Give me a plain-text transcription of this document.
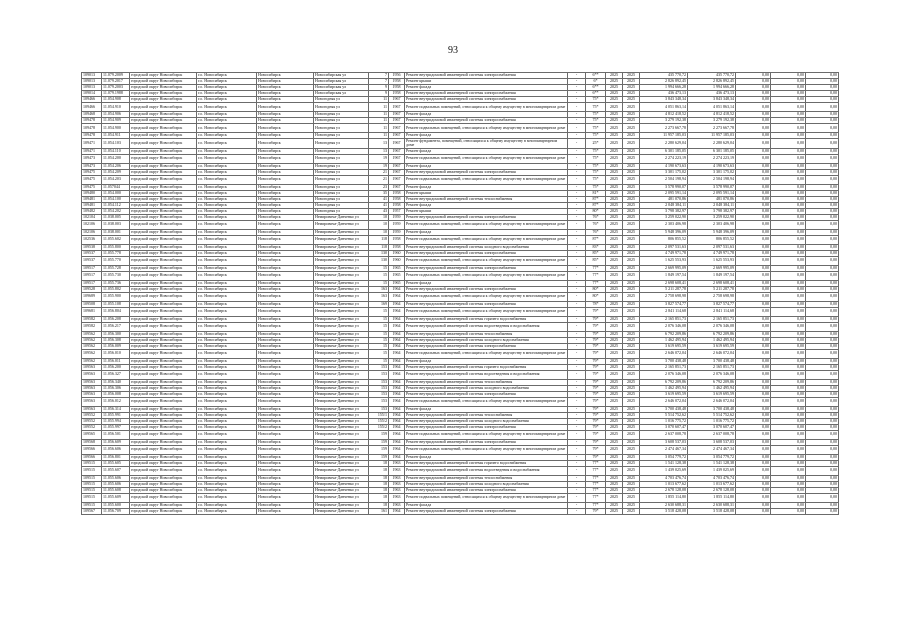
93
109013	11.079.2009	городской округ Новосибирск	г.о. Новосибирск	Новосибирск	Новосибирская ул	7	1956	Ремонт внутридомовой инженерной системы электроснабжения	-	6**	2025	2025	435 770,72	435 770,72	0,00	0,00	0,00
109013	11.079.2017	городской округ Новосибирск	г.о. Новосибирск	Новосибирск	Новосибирская ул	7	1958	Ремонт крыши	-	6*	2025	2025	2 826 892,45	2 826 892,45	0,00	0,00	0,00
109013	11.079.2003	городской округ Новосибирск	г.о. Новосибирск	Новосибирск	Новосибирская ул	9	1958	Ремонт фасада	-	6**	2025	2025	1 994 666,28	1 994 666,28	0,00	0,00	0,00
109014	11.079.1988	городской округ Новосибирск	г.о. Новосибирск	Новосибирск	Новосибирская ул	9	1958	Ремонт внутридомовой инженерной системы электроснабжения	-	6**	2025	2025	436 473,13	436 473,13	0,00	0,00	0,00
109466	11.054.908	городской округ Новосибирск	г.о. Новосибирск	Новосибирск	Новогодняя ул	11	1967	Ремонт внутридомовой инженерной системы электроснабжения	-	75*	2025	2025	3 843 348,34	3 843 348,34	0,00	0,00	0,00
109466	11.054.910	городской округ Новосибирск	г.о. Новосибирск	Новосибирск	Новогодняя ул	11	1967	Ремонт подвальных помещений, относящихся к общему имуществу в многоквартирном доме	-	75*	2025	2025	4 051 863,14	4 051 863,14	0,00	0,00	0,00
109468	11.054.906	городской округ Новосибирск	г.о. Новосибирск	Новосибирск	Новогодняя ул	11	1967	Ремонт фасада	-	75*	2025	2025	4 812 418,52	4 812 418,52	0,00	0,00	0,00
109478	11.054.909	городской округ Новосибирск	г.о. Новосибирск	Новосибирск	Новогодняя ул	11	1967	Ремонт внутридомовой инженерной системы электроснабжения	-	75*	2025	2025	3 279 192,38	3 279 192,38	0,00	0,00	0,00
109478	11.054.900	городской округ Новосибирск	г.о. Новосибирск	Новосибирск	Новогодняя ул	11	1967	Ремонт подвальных помещений, относящихся к общему имуществу в многоквартирном доме	-	75*	2025	2025	2 273 667,78	2 273 667,78	0,00	0,00	0,00
109478	11.054.911	городской округ Новосибирск	г.о. Новосибирск	Новосибирск	Новогодняя ул	11	1967	Ремонт фасада	-	75*	2025	2025	11 957 185,03	11 957 185,03	0,00	0,00	0,00
109471	11.054.103	городской округ Новосибирск	г.о. Новосибирск	Новосибирск	Новогодняя ул	13	1967	Ремонт фундамента, помещений, относящихся к общему имуществу в многоквартирном доме	-	25*	2025	2025	2 280 629,04	2 280 629,04	0,00	0,00	0,00
109471	11.054.110	городской округ Новосибирск	г.о. Новосибирск	Новосибирск	Новогодняя ул	13	1967	Ремонт фасада	-	75*	2025	2025	6 301 185,05	6 301 185,05	0,00	0,00	0,00
109473	11.054.200	городской округ Новосибирск	г.о. Новосибирск	Новосибирск	Новогодняя ул	19	1967	Ремонт подвальных помещений, относящихся к общему имуществу в многоквартирном доме	-	75*	2025	2025	2 274 223,19	2 274 223,19	0,00	0,00	0,00
109473	11.054.206	городской округ Новосибирск	г.о. Новосибирск	Новосибирск	Новогодняя ул	19	1967	Ремонт фасада	-	75*	2025	2025	4 190 673,63	4 190 673,63	0,00	0,00	0,00
109475	11.054.209	городской округ Новосибирск	г.о. Новосибирск	Новосибирск	Новогодняя ул	21	1967	Ремонт внутридомовой инженерной системы электроснабжения	-	75*	2025	2025	3 301 175,02	3 301 175,02	0,00	0,00	0,00
109475	11.054.203	городской округ Новосибирск	г.о. Новосибирск	Новосибирск	Новогодняя ул	21	1967	Ремонт подвальных помещений, относящихся к общему имуществу в многоквартирном доме	-	75*	2025	2025	2 504 198,94	2 504 198,94	0,00	0,00	0,00
109475	11.057044	городской округ Новосибирск	г.о. Новосибирск	Новосибирск	Новогодняя ул	23	1967	Ремонт фасада	-	75*	2025	2025	3 578 990,07	3 578 990,07	0,00	0,00	0,00
109480	11.054.000	городской округ Новосибирск	г.о. Новосибирск	Новосибирск	Новогодняя ул	35	1958	Ремонт крыши	-	81*	2025	2025	2 095 591,14	2 095 591,14	0,00	0,00	0,00
109481	11.054.100	городской округ Новосибирск	г.о. Новосибирск	Новосибирск	Новогодняя ул	41	1958	Ремонт внутридомовой инженерной системы теплоснабжения	-	87*	2025	2025	481 070,86	481 070,86	0,00	0,00	0,00
109481	11.054.112	городской округ Новосибирск	г.о. Новосибирск	Новосибирск	Новогодняя ул	41	1958	Ремонт фасада	-	87*	2025	2025	2 048 384,11	2 048 384,11	0,00	0,00	0,00
109482	11.054.202	городской округ Новосибирск	г.о. Новосибирск	Новосибирск	Новогодняя ул	43	1957	Ремонт крыши	-	80*	2025	2025	3 798 382,97	3 798 382,97	0,00	0,00	0,00
102104	11.038.005	городской округ Новосибирск	г.о. Новосибирск	Новосибирск	Немировича-Данченко ул	10	1959	Ремонт внутридомовой инженерной системы электроснабжения	-	76*	2025	2025	3 259 022,90	3 259 022,90	0,00	0,00	0,00
102106	11.038.003	городской округ Новосибирск	г.о. Новосибирск	Новосибирск	Немировича-Данченко ул	10	1959	Ремонт подвальных помещений, относящихся к общему имуществу в многоквартирном доме	-	76*	2025	2025	2 303 406,98	2 303 406,98	0,00	0,00	0,00
102106	11.038.001	городской округ Новосибирск	г.о. Новосибирск	Новосибирск	Немировича-Данченко ул	10	1959	Ремонт фасада	-	76*	2025	2025	5 948 396,09	5 948 396,09	0,00	0,00	0,00
102536	11.055.602	городской округ Новосибирск	г.о. Новосибирск	Новосибирск	Немировича-Данченко ул	118	1958	Ремонт подвальных помещений, относящихся к общему имуществу в многоквартирном доме	-	87*	2025	2025	806 855,52	806 855,52	0,00	0,00	0,00
109538	11.055.800	городской округ Новосибирск	г.о. Новосибирск	Новосибирск	Немировича-Данченко ул	118	1958	Ремонт внутридомовой инженерной системы холодного водоснабжения	-	83*	2025	2025	2 097 531,63	2 097 531,63	0,00	0,00	0,00
109537	11.055.778	городской округ Новосибирск	г.о. Новосибирск	Новосибирск	Немировича-Данченко ул	130	1960	Ремонт внутридомовой инженерной системы электроснабжения	-	85*	2025	2025	4 749 971,78	4 749 971,78	0,00	0,00	0,00
109537	11.055.770	городской округ Новосибирск	г.о. Новосибирск	Новосибирск	Немировича-Данченко ул	130	1960	Ремонт подвальных помещений, относящихся к общему имуществу в многоквартирном доме	-	85*	2025	2025	1 625 553,93	1 625 553,93	0,00	0,00	0,00
109517	11.055.728	городской округ Новосибирск	г.о. Новосибирск	Новосибирск	Немировича-Данченко ул	15	1965	Ремонт внутридомовой инженерной системы электроснабжения	-	77*	2025	2025	2 669 995,09	2 669 995,09	0,00	0,00	0,00
109517	11.055.730	городской округ Новосибирск	г.о. Новосибирск	Новосибирск	Немировича-Данченко ул	15	1965	Ремонт подвальных помещений, относящихся к общему имуществу в многоквартирном доме	-	77*	2025	2025	1 849 197,54	1 849 197,54	0,00	0,00	0,00
109517	11.055.736	городской округ Новосибирск	г.о. Новосибирск	Новосибирск	Немировича-Данченко ул	15	1965	Ремонт фасада	-	77*	2025	2025	2 698 608,41	2 698 608,41	0,00	0,00	0,00
109528	11.055.802	городской округ Новосибирск	г.о. Новосибирск	Новосибирск	Немировича-Данченко ул	163	1964	Ремонт внутридомовой инженерной системы электроснабжения	-	80*	2025	2025	5 211 287,78	5 211 287,78	0,00	0,00	0,00
109689	11.055.900	городской округ Новосибирск	г.о. Новосибирск	Новосибирск	Немировича-Данченко ул	163	1964	Ремонт подвальных помещений, относящихся к общему имуществу в многоквартирном доме	-	80*	2025	2025	2 758 698,98	2 758 698,98	0,00	0,00	0,00
109508	11.055.108	городской округ Новосибирск	г.о. Новосибирск	Новосибирск	Немировича-Данченко ул	169	1964	Ремонт внутридомовой инженерной системы электроснабжения	-	78*	2025	2025	3 827 574,77	3 827 574,77	0,00	0,00	0,00
109681	11.056.804	городской округ Новосибирск	г.о. Новосибирск	Новосибирск	Немировича-Данченко ул	15	1964	Ремонт подвальных помещений, относящихся к общему имуществу в многоквартирном доме	-	79*	2025	2025	2 841 114,68	2 841 114,68	0,00	0,00	0,00
109582	11.056.208	городской округ Новосибирск	г.о. Новосибирск	Новосибирск	Немировича-Данченко ул	15	1964	Ремонт внутридомовой инженерной системы горячего водоснабжения	-	79*	2025	2025	2 165 851,73	2 165 851,73	0,00	0,00	0,00
109582	11.056.217	городской округ Новосибирск	г.о. Новосибирск	Новосибирск	Немировича-Данченко ул	15	1964	Ремонт внутридомовой инженерной системы водоотведения и водоснабжения	-	79*	2025	2025	2 076 346,08	2 076 346,08	0,00	0,00	0,00
109562	11.056.300	городской округ Новосибирск	г.о. Новосибирск	Новосибирск	Немировича-Данченко ул	15	1964	Ремонт внутридомовой инженерной системы теплоснабжения	-	79*	2025	2025	6 792 209,86	6 792 209,86	0,00	0,00	0,00
109562	11.056.308	городской округ Новосибирск	г.о. Новосибирск	Новосибирск	Немировича-Данченко ул	15	1964	Ремонт внутридомовой инженерной системы холодного водоснабжения	-	79*	2025	2025	1 462 495,94	1 462 495,94	0,00	0,00	0,00
109562	11.056.009	городской округ Новосибирск	г.о. Новосибирск	Новосибирск	Немировича-Данченко ул	15	1964	Ремонт внутридомовой инженерной системы электроснабжения	-	79*	2025	2025	3 619 695,59	3 619 695,59	0,00	0,00	0,00
109562	11.056.010	городской округ Новосибирск	г.о. Новосибирск	Новосибирск	Немировича-Данченко ул	15	1964	Ремонт подвальных помещений, относящихся к общему имуществу в многоквартирном доме	-	79*	2025	2025	2 646 072,04	2 646 072,04	0,00	0,00	0,00
109562	11.056.011	городской округ Новосибирск	г.о. Новосибирск	Новосибирск	Немировича-Данченко ул	15	1964	Ремонт фасада	-	79*	2025	2025	3 700 438,48	3 700 438,48	0,00	0,00	0,00
109563	11.056.200	городской округ Новосибирск	г.о. Новосибирск	Новосибирск	Немировича-Данченко ул	153	1964	Ремонт внутридомовой инженерной системы горячего водоснабжения	-	79*	2025	2025	2 165 851,73	2 165 851,73	0,00	0,00	0,00
109563	11.056.327	городской округ Новосибирск	г.о. Новосибирск	Новосибирск	Немировича-Данченко ул	153	1964	Ремонт внутридомовой инженерной системы водоотведения и водоснабжения	-	79*	2025	2025	2 076 346,08	2 076 346,08	0,00	0,00	0,00
109563	11.056.340	городской округ Новосибирск	г.о. Новосибирск	Новосибирск	Немировича-Данченко ул	153	1964	Ремонт внутридомовой инженерной системы теплоснабжения	-	79*	2025	2025	6 792 209,86	6 792 209,86	0,00	0,00	0,00
109563	11.056.306	городской округ Новосибирск	г.о. Новосибирск	Новосибирск	Немировича-Данченко ул	153	1964	Ремонт внутридомовой инженерной системы холодного водоснабжения	-	79*	2025	2025	1 462 495,94	1 462 495,94	0,00	0,00	0,00
109563	11.056.008	городской округ Новосибирск	г.о. Новосибирск	Новосибирск	Немировича-Данченко ул	153	1964	Ремонт внутридомовой инженерной системы электроснабжения	-	79*	2025	2025	3 619 695,59	3 619 695,59	0,00	0,00	0,00
109563	11.056.012	городской округ Новосибирск	г.о. Новосибирск	Новосибирск	Немировича-Данченко ул	153	1964	Ремонт подвальных помещений, относящихся к общему имуществу в многоквартирном доме	-	79*	2025	2025	2 646 072,04	2 646 072,04	0,00	0,00	0,00
109563	11.056.314	городской округ Новосибирск	г.о. Новосибирск	Новосибирск	Немировича-Данченко ул	153	1964	Ремонт фасада	-	79*	2025	2025	3 700 438,48	3 700 438,48	0,00	0,00	0,00
109552	11.055.991	городской округ Новосибирск	г.о. Новосибирск	Новосибирск	Немировича-Данченко ул	155/1	1964	Ремонт внутридомовой инженерной системы теплоснабжения	-	79*	2025	2025	5 514 752,62	5 514 752,62	0,00	0,00	0,00
109552	11.055.994	городской округ Новосибирск	г.о. Новосибирск	Новосибирск	Немировича-Данченко ул	155/2	1964	Ремонт внутридомовой инженерной системы холодного водоснабжения	-	79*	2025	2025	1 016 775,72	1 016 775,72	0,00	0,00	0,00
109552	11.055.997	городской округ Новосибирск	г.о. Новосибирск	Новосибирск	Немировича-Данченко ул	155/2	1964	Ремонт внутридомовой инженерной системы электроснабжения	-	79*	2025	2025	3 070 607,47	3 070 607,47	0,00	0,00	0,00
109565	11.056.501	городской округ Новосибирск	г.о. Новосибирск	Новосибирск	Немировича-Данченко ул	159	1964	Ремонт подвальных помещений, относящихся к общему имуществу в многоквартирном доме	-	79*	2025	2025	2 637 008,78	2 637 008,78	0,00	0,00	0,00
109568	11.056.609	городской округ Новосибирск	г.о. Новосибирск	Новосибирск	Немировича-Данченко ул	159	1964	Ремонт внутридомовой инженерной системы электроснабжения	-	79*	2025	2025	3 608 537,03	3 608 537,03	0,00	0,00	0,00
109566	11.056.606	городской округ Новосибирск	г.о. Новосибирск	Новосибирск	Немировича-Данченко ул	159	1964	Ремонт подвальных помещений, относящихся к общему имуществу в многоквартирном доме	-	79*	2025	2025	2 474 467,34	2 474 467,34	0,00	0,00	0,00
109566	11.056.801	городской округ Новосибирск	г.о. Новосибирск	Новосибирск	Немировича-Данченко ул	159	1964	Ремонт фасада	-	79*	2025	2025	3 054 779,72	3 054 779,72	0,00	0,00	0,00
109515	11.055.605	городской округ Новосибирск	г.о. Новосибирск	Новосибирск	Немировича-Данченко ул	18	1963	Ремонт внутридомовой инженерной системы горячего водоснабжения	-	77*	2025	2025	1 541 128,38	1 541 128,38	0,00	0,00	0,00
109515	11.055.607	городской округ Новосибирск	г.о. Новосибирск	Новосибирск	Немировича-Данченко ул	18	1963	Ремонт внутридомовой инженерной системы водоотведения и водоснабжения	-	77*	2025	2025	1 439 025,69	1 439 025,69	0,00	0,00	0,00
109515	11.055.606	городской округ Новосибирск	г.о. Новосибирск	Новосибирск	Немировича-Данченко ул	18	1963	Ремонт внутридомовой инженерной системы теплоснабжения	-	77*	2025	2025	4 703 476,74	4 703 476,74	0,00	0,00	0,00
109515	11.055.606	городской округ Новосибирск	г.о. Новосибирск	Новосибирск	Немировича-Данченко ул	18	1963	Ремонт внутридомовой инженерной системы холодного водоснабжения	-	77*	2025	2025	1 013 677,62	1 013 677,62	0,00	0,00	0,00
109515	11.055.608	городской округ Новосибирск	г.о. Новосибирск	Новосибирск	Немировича-Данченко ул	18	1963	Ремонт внутридомовой инженерной системы электроснабжения	-	77*	2025	2025	2 678 128,08	2 678 128,08	0,00	0,00	0,00
109515	11.055.609	городской округ Новосибирск	г.о. Новосибирск	Новосибирск	Немировича-Данченко ул	18	1963	Ремонт подвальных помещений, относящихся к общему имуществу в многоквартирном доме	-	77*	2025	2025	1 855 114,80	1 855 114,80	0,00	0,00	0,00
109515	11.055.600	городской округ Новосибирск	г.о. Новосибирск	Новосибирск	Немировича-Данченко ул	18	1963	Ремонт фасада	-	77*	2025	2025	2 630 688,31	2 630 688,31	0,00	0,00	0,00
109567	11.056.709	городской округ Новосибирск	г.о. Новосибирск	Новосибирск	Немировича-Данченко ул	161	1964	Ремонт внутридомовой инженерной системы электроснабжения	-	79*	2025	2025	3 518 428,08	3 518 428,08	0,00	0,00	0,00
